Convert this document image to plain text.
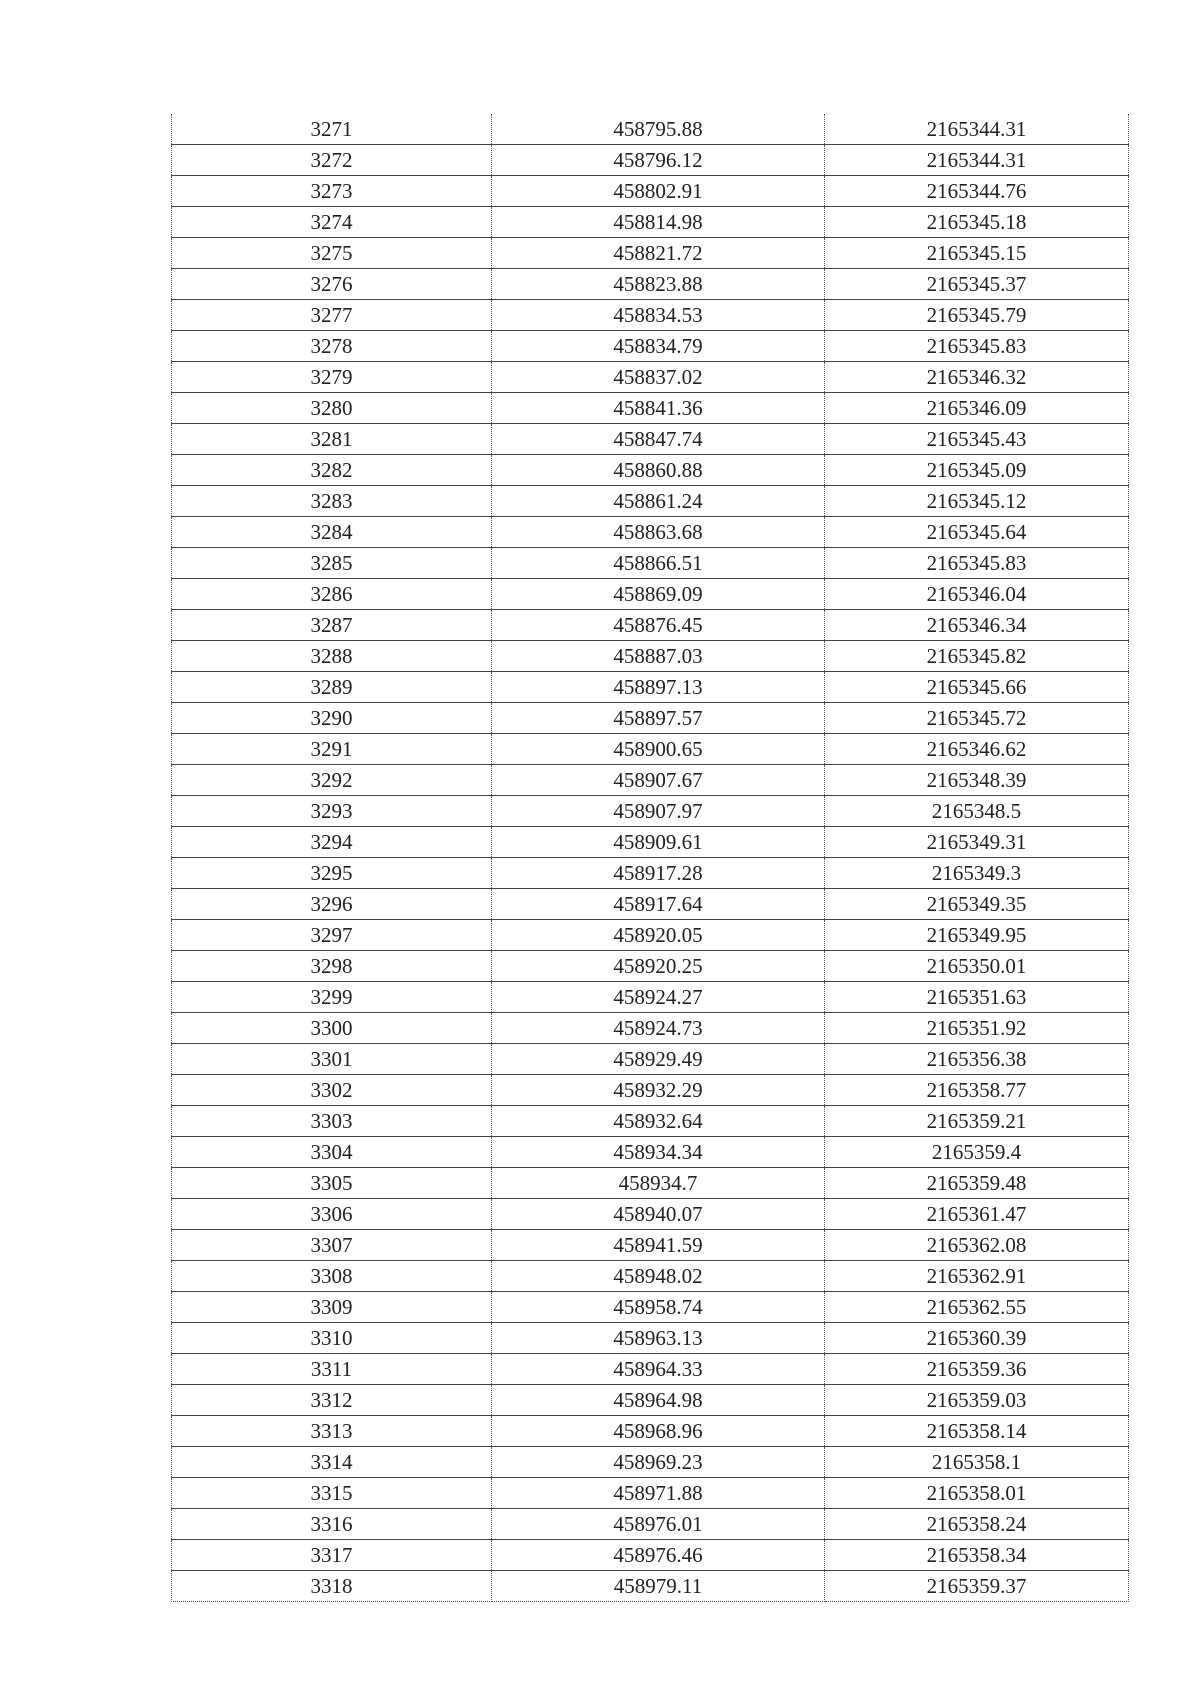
3271	458795.88	2165344.31
3272	458796.12	2165344.31
3273	458802.91	2165344.76
3274	458814.98	2165345.18
3275	458821.72	2165345.15
3276	458823.88	2165345.37
3277	458834.53	2165345.79
3278	458834.79	2165345.83
3279	458837.02	2165346.32
3280	458841.36	2165346.09
3281	458847.74	2165345.43
3282	458860.88	2165345.09
3283	458861.24	2165345.12
3284	458863.68	2165345.64
3285	458866.51	2165345.83
3286	458869.09	2165346.04
3287	458876.45	2165346.34
3288	458887.03	2165345.82
3289	458897.13	2165345.66
3290	458897.57	2165345.72
3291	458900.65	2165346.62
3292	458907.67	2165348.39
3293	458907.97	2165348.5
3294	458909.61	2165349.31
3295	458917.28	2165349.3
3296	458917.64	2165349.35
3297	458920.05	2165349.95
3298	458920.25	2165350.01
3299	458924.27	2165351.63
3300	458924.73	2165351.92
3301	458929.49	2165356.38
3302	458932.29	2165358.77
3303	458932.64	2165359.21
3304	458934.34	2165359.4
3305	458934.7	2165359.48
3306	458940.07	2165361.47
3307	458941.59	2165362.08
3308	458948.02	2165362.91
3309	458958.74	2165362.55
3310	458963.13	2165360.39
3311	458964.33	2165359.36
3312	458964.98	2165359.03
3313	458968.96	2165358.14
3314	458969.23	2165358.1
3315	458971.88	2165358.01
3316	458976.01	2165358.24
3317	458976.46	2165358.34
3318	458979.11	2165359.37
